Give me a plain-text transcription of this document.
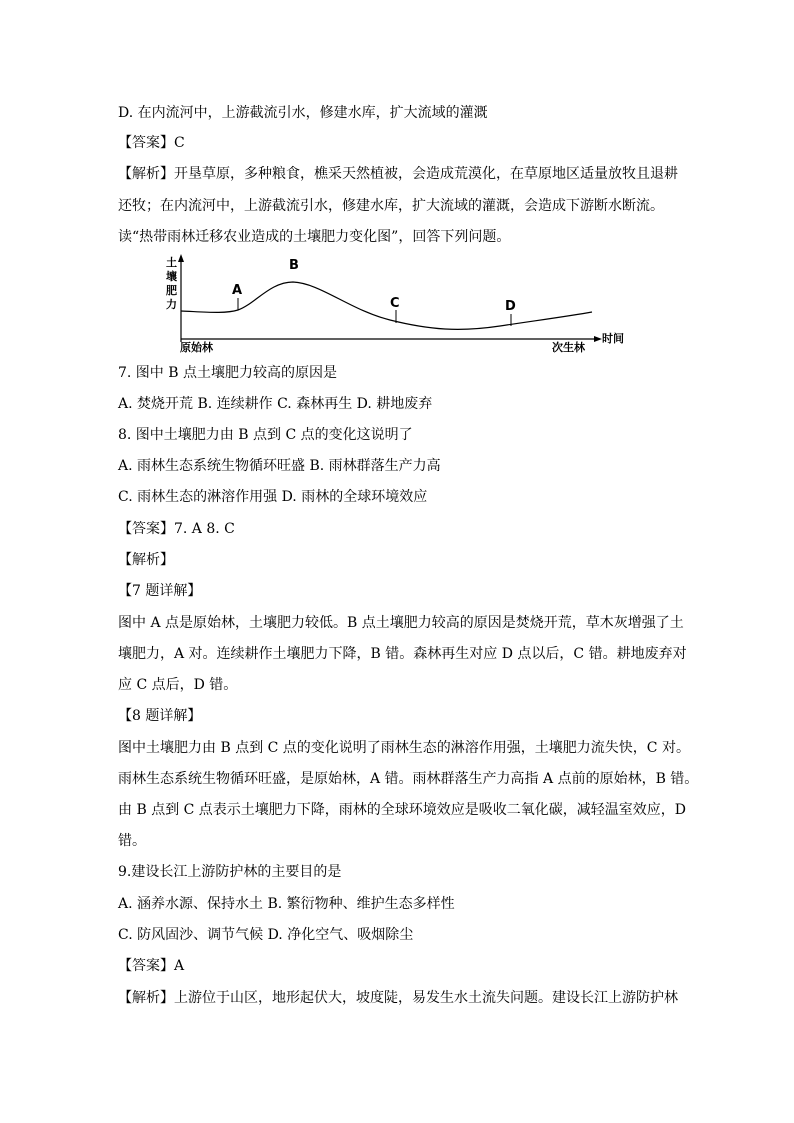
D. 在内流河中，上游截流引水，修建水库，扩大流域的灌溉
【答案】C
【解析】开垦草原，多种粮食，樵采天然植被，会造成荒漠化，在草原地区适量放牧且退耕
还牧；在内流河中，上游截流引水，修建水库，扩大流域的灌溉，会造成下游断水断流。
读“热带雨林迁移农业造成的土壤肥力变化图”，回答下列问题。
A
B
C	D
土
壤
肥
力
原始林	次生林
时间
7. 图中 B 点土壤肥力较高的原因是
A. 焚烧开荒 B. 连续耕作 C. 森林再生 D. 耕地废弃
8. 图中土壤肥力由 B 点到 C 点的变化这说明了
A. 雨林生态系统生物循环旺盛 B. 雨林群落生产力高
C. 雨林生态的淋溶作用强 D. 雨林的全球环境效应
【答案】7. A 8. C
【解析】
【7 题详解】
图中 A 点是原始林，土壤肥力较低。B 点土壤肥力较高的原因是焚烧开荒，草木灰增强了土
壤肥力，A 对。连续耕作土壤肥力下降，B 错。森林再生对应 D 点以后，C 错。耕地废弃对
应 C 点后，D 错。
【8 题详解】
图中土壤肥力由 B 点到 C 点的变化说明了雨林生态的淋溶作用强，土壤肥力流失快，C 对。
雨林生态系统生物循环旺盛，是原始林，A 错。雨林群落生产力高指 A 点前的原始林，B 错。
由 B 点到 C 点表示土壤肥力下降，雨林的全球环境效应是吸收二氧化碳，减轻温室效应，D
错。
9.建设长江上游防护林的主要目的是
A. 涵养水源、保持水土 B. 繁衍物种、维护生态多样性
C. 防风固沙、调节气候 D. 净化空气、吸烟除尘
【答案】A
【解析】上游位于山区，地形起伏大，坡度陡，易发生水土流失问题。建设长江上游防护林
